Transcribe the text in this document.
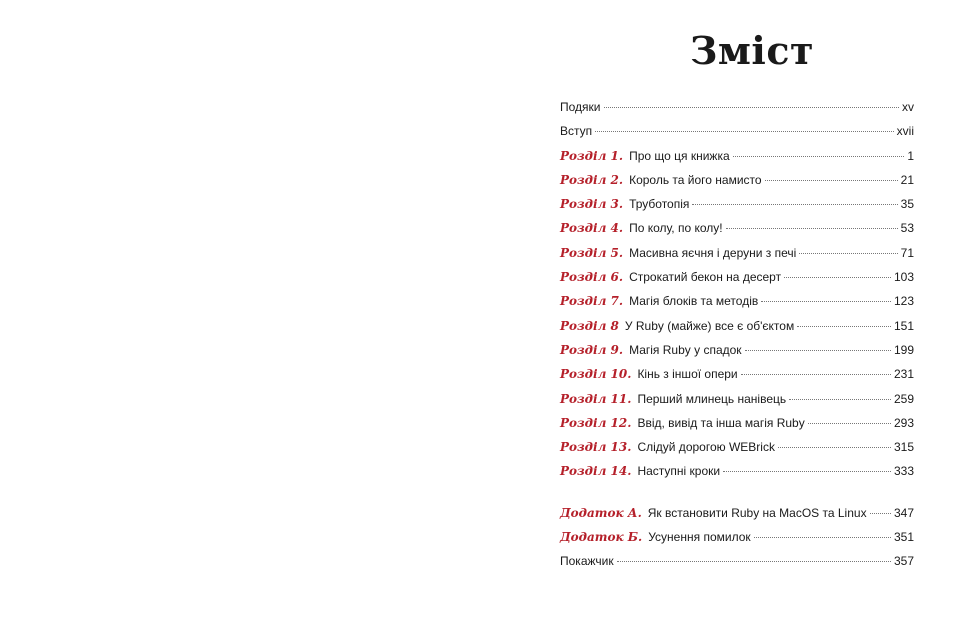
Зміст
Подяки	xv
Вступ	xvii
Розділ 1. Про що ця книжка	1
Розділ 2. Король та його намисто	21
Розділ 3. Труботопія	35
Розділ 4. По колу, по колу!	53
Розділ 5. Масивна яєчня і деруни з печі	71
Розділ 6. Строкатий бекон на десерт	103
Розділ 7. Магія блоків та методів	123
Розділ 8 У Ruby (майже) все є об'єктом	151
Розділ 9. Магія Ruby у спадок	199
Розділ 10. Кінь з іншої опери	231
Розділ 11. Перший млинець нанівець	259
Розділ 12. Ввід, вивід та інша магія Ruby	293
Розділ 13. Слідуй дорогою WEBrick	315
Розділ 14. Наступні кроки	333
Додаток А. Як встановити Ruby на MacOS та Linux 347
Додаток Б. Усунення помилок	351
Покажчик	357
